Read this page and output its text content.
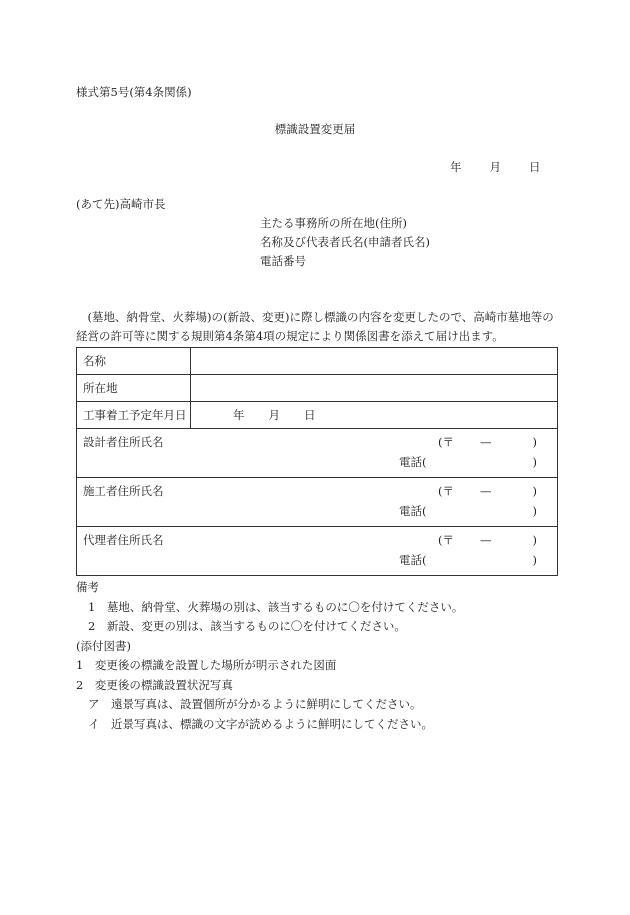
様式第5号(第4条関係)
標識設置変更届
年 月 日
(あて先)高崎市長
主たる事務所の所在地(住所)
名称及び代表者氏名(申請者氏名)
電話番号
(墓地、納骨堂、火葬場)の(新設、変更)に際し標識の内容を変更したので、高崎市墓地等の経営の許可等に関する規則第4条第4項の規定により関係図書を添えて届け出ます。
名称	
所在地	
工事着工予定年月日	年 月 日

設計者住所氏名 (〒 — )
電話( )	

施工者住所氏名 (〒 — )
電話( )	

代理者住所氏名 (〒 — )
電話( )	
備考
1　墓地、納骨堂、火葬場の別は、該当するものに〇を付けてください。
2　新設、変更の別は、該当するものに〇を付けてください。
(添付図書)
1　変更後の標識を設置した場所が明示された図面
2　変更後の標識設置状況写真
ア　遠景写真は、設置個所が分かるように鮮明にしてください。
イ　近景写真は、標識の文字が読めるように鮮明にしてください。
